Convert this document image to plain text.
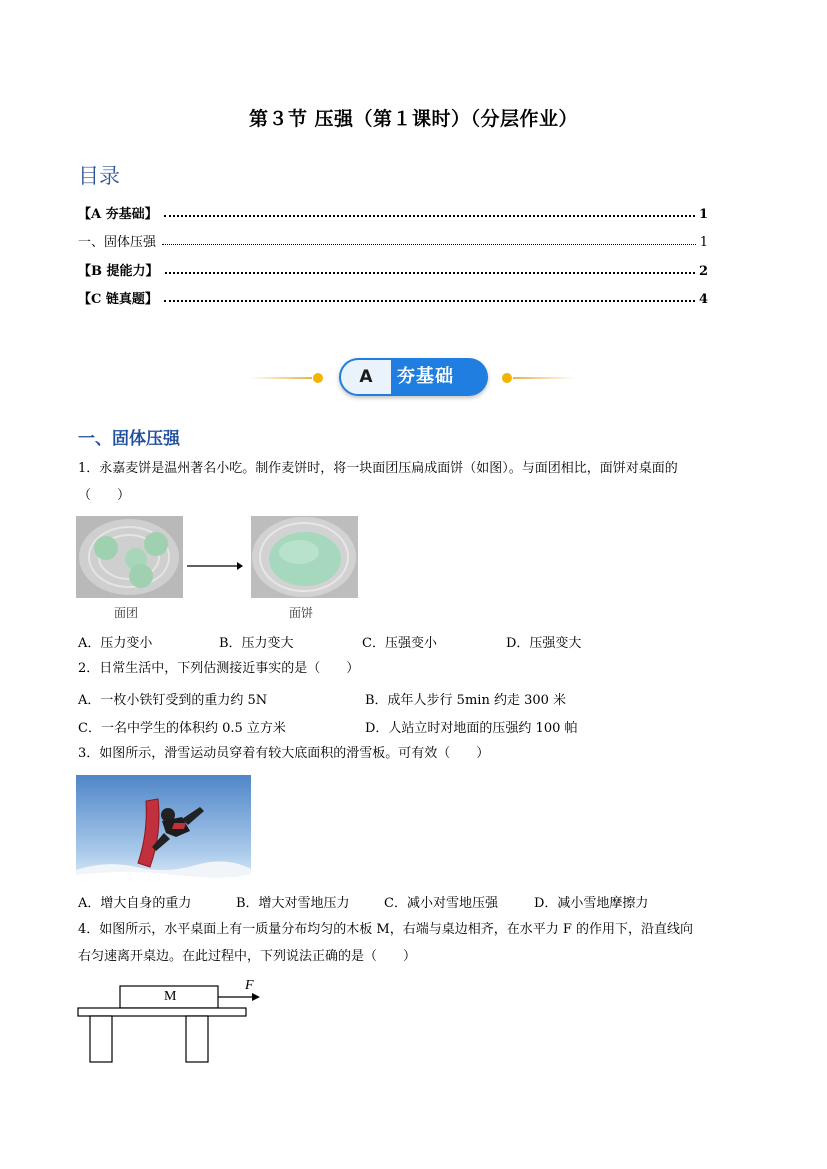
第３节 压强（第１课时）（分层作业）
目录
【A 夯基础】	1
一、固体压强	1
【B 提能力】	2
【C 链真题】	4
A	夯基础
一、固体压强
1．永嘉麦饼是温州著名小吃。制作麦饼时，将一块面团压扁成面饼（如图）。与面团相比，面饼对桌面的
（　　）
面团	面饼
A．压力变小	B．压力变大	C．压强变小	D．压强变大
2．日常生活中，下列估测接近事实的是（　　）
A．一枚小铁钉受到的重力约 5N	B．成年人步行 5min 约走 300 米
C．一名中学生的体积约 0.5 立方米	D．人站立时对地面的压强约 100 帕
3．如图所示，滑雪运动员穿着有较大底面积的滑雪板。可有效（　　）
A．增大自身的重力	B．增大对雪地压力	C．减小对雪地压强	D．减小雪地摩擦力
4．如图所示，水平桌面上有一质量分布均匀的木板 M，右端与桌边相齐，在水平力 F 的作用下，沿直线向
右匀速离开桌边。在此过程中，下列说法正确的是（　　）
M
F
